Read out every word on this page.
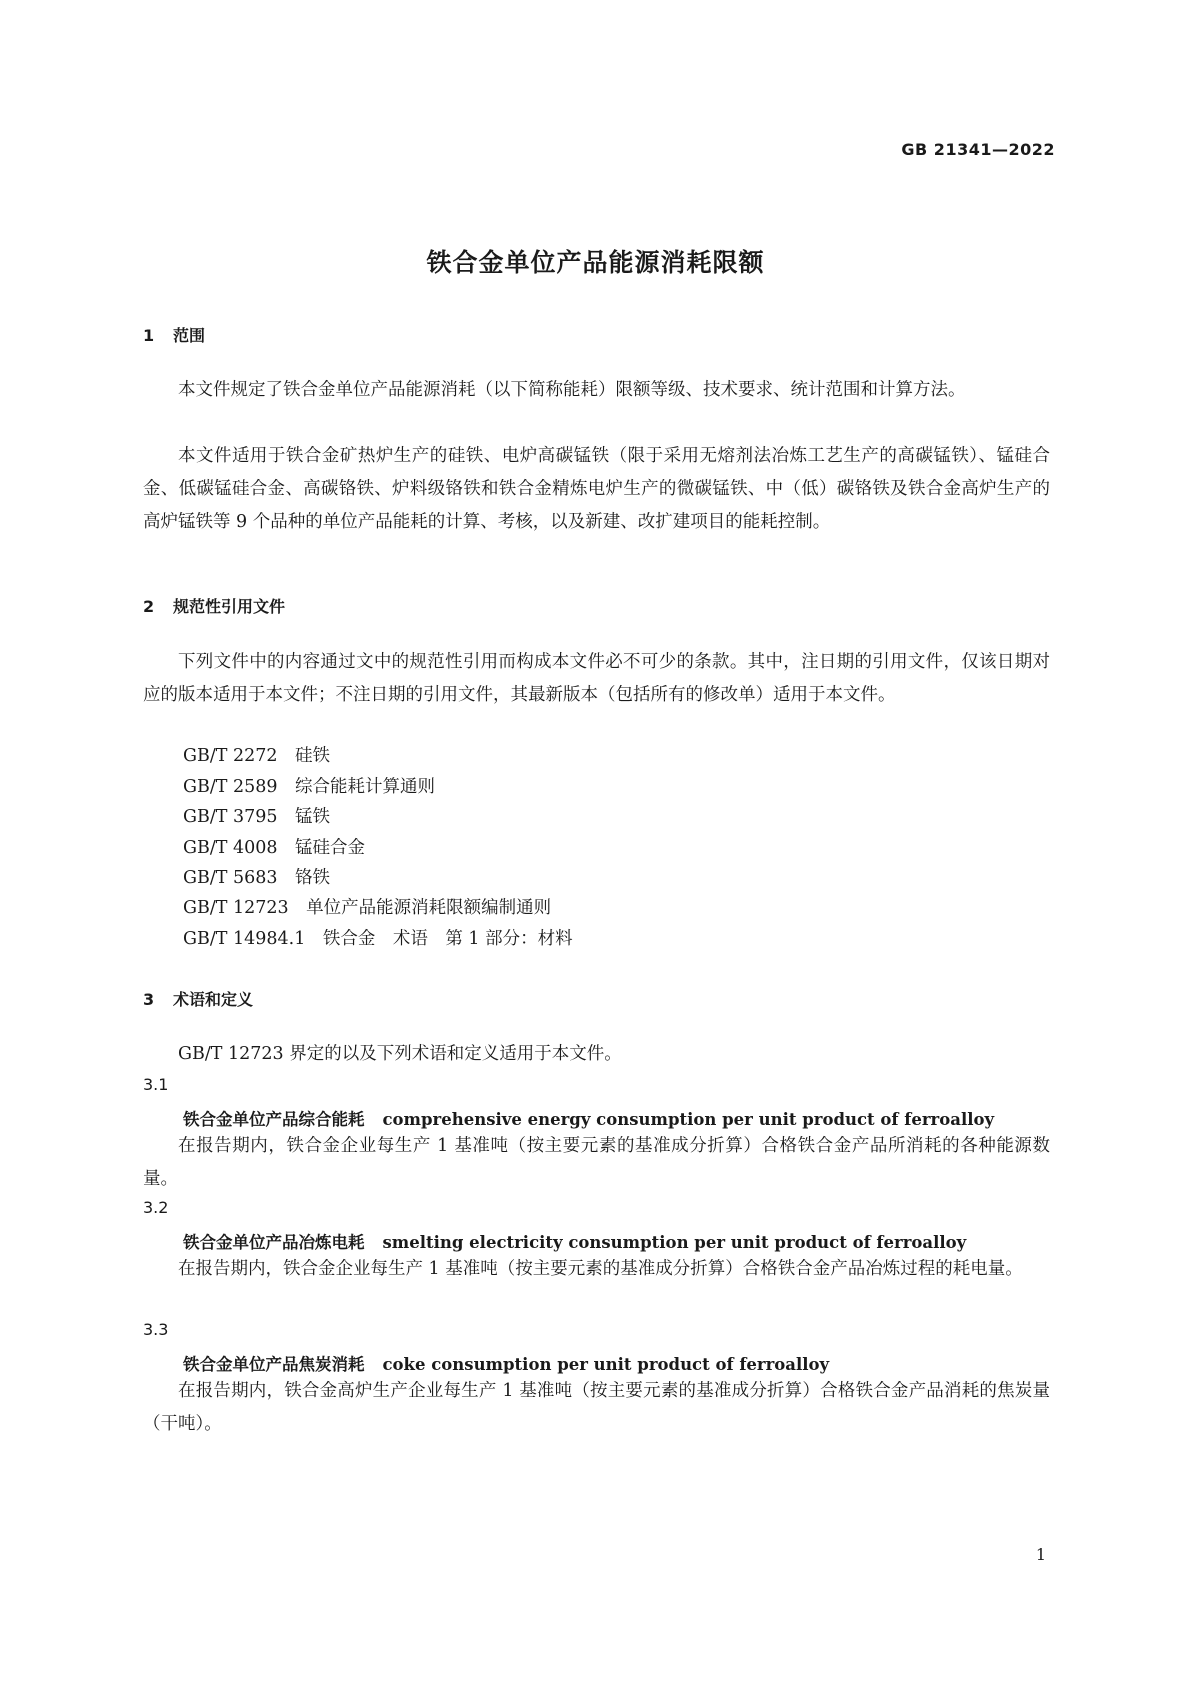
GB 21341—2022
铁合金单位产品能源消耗限额
1 范围
本文件规定了铁合金单位产品能源消耗（以下简称能耗）限额等级、技术要求、统计范围和计算方法。
本文件适用于铁合金矿热炉生产的硅铁、电炉高碳锰铁（限于采用无熔剂法冶炼工艺生产的高碳锰铁）、锰硅合金、低碳锰硅合金、高碳铬铁、炉料级铬铁和铁合金精炼电炉生产的微碳锰铁、中（低）碳铬铁及铁合金高炉生产的高炉锰铁等 9 个品种的单位产品能耗的计算、考核，以及新建、改扩建项目的能耗控制。
2 规范性引用文件
下列文件中的内容通过文中的规范性引用而构成本文件必不可少的条款。其中，注日期的引用文件，仅该日期对应的版本适用于本文件；不注日期的引用文件，其最新版本（包括所有的修改单）适用于本文件。
GB/T 2272　硅铁
GB/T 2589　综合能耗计算通则
GB/T 3795　锰铁
GB/T 4008　锰硅合金
GB/T 5683　铬铁
GB/T 12723　单位产品能源消耗限额编制通则
GB/T 14984.1　铁合金　术语　第 1 部分：材料
3 术语和定义
GB/T 12723 界定的以及下列术语和定义适用于本文件。
3.1
铁合金单位产品综合能耗 comprehensive energy consumption per unit product of ferroalloy
在报告期内，铁合金企业每生产 1 基准吨（按主要元素的基准成分折算）合格铁合金产品所消耗的各种能源数量。
3.2
铁合金单位产品冶炼电耗 smelting electricity consumption per unit product of ferroalloy
在报告期内，铁合金企业每生产 1 基准吨（按主要元素的基准成分折算）合格铁合金产品冶炼过程的耗电量。
3.3
铁合金单位产品焦炭消耗 coke consumption per unit product of ferroalloy
在报告期内，铁合金高炉生产企业每生产 1 基准吨（按主要元素的基准成分折算）合格铁合金产品消耗的焦炭量（干吨）。
1
